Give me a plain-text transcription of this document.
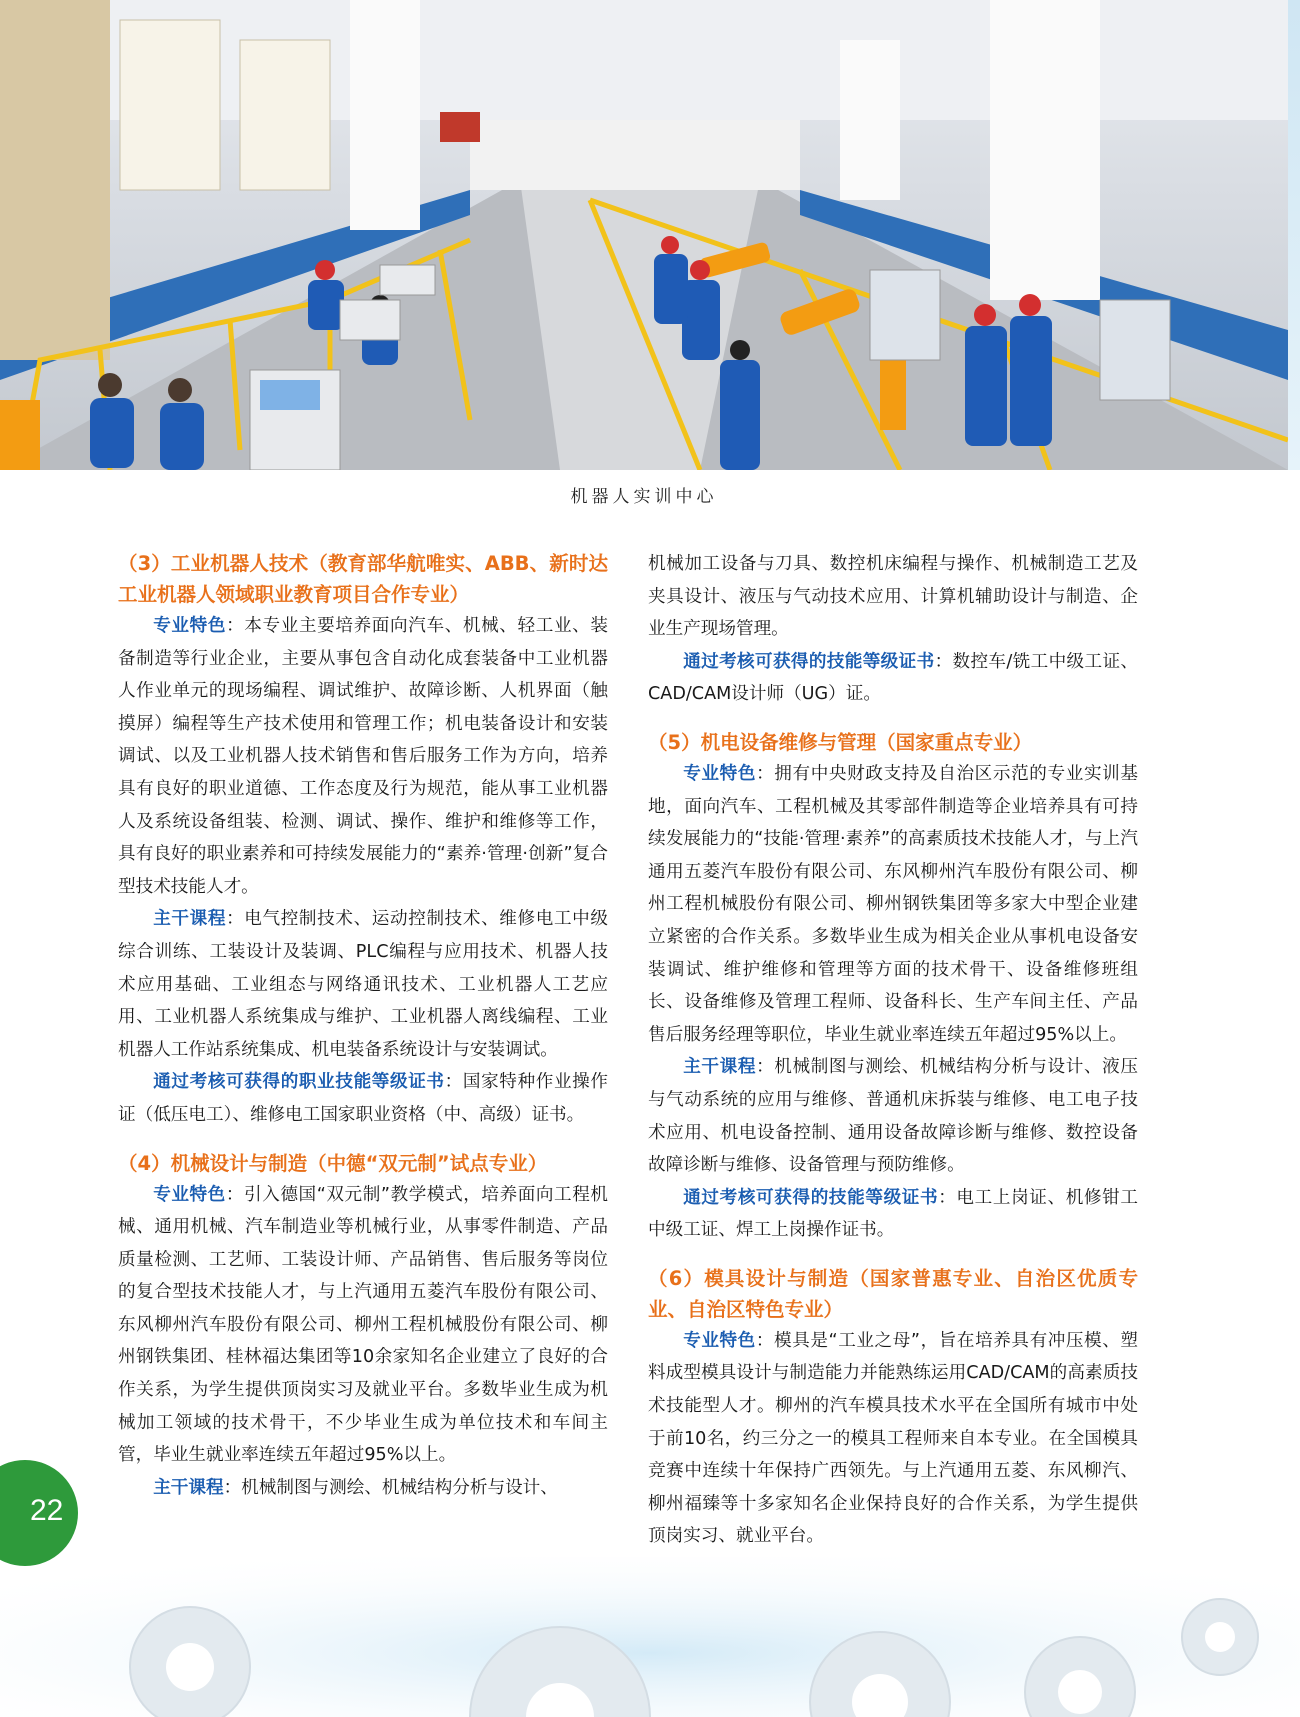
机器人实训中心
（3）工业机器人技术（教育部华航唯实、ABB、新时达工业机器人领域职业教育项目合作专业）

专业特色：本专业主要培养面向汽车、机械、轻工业、装备制造等行业企业，主要从事包含自动化成套装备中工业机器人作业单元的现场编程、调试维护、故障诊断、人机界面（触摸屏）编程等生产技术使用和管理工作；机电装备设计和安装调试、以及工业机器人技术销售和售后服务工作为方向，培养具有良好的职业道德、工作态度及行为规范，能从事工业机器人及系统设备组装、检测、调试、操作、维护和维修等工作，具有良好的职业素养和可持续发展能力的“素养·管理·创新”复合型技术技能人才。

主干课程：电气控制技术、运动控制技术、维修电工中级综合训练、工装设计及装调、PLC编程与应用技术、机器人技术应用基础、工业组态与网络通讯技术、工业机器人工艺应用、工业机器人系统集成与维护、工业机器人离线编程、工业机器人工作站系统集成、机电装备系统设计与安装调试。

通过考核可获得的职业技能等级证书：国家特种作业操作证（低压电工）、维修电工国家职业资格（中、高级）证书。

（4）机械设计与制造（中德“双元制”试点专业）

专业特色：引入德国“双元制”教学模式，培养面向工程机械、通用机械、汽车制造业等机械行业，从事零件制造、产品质量检测、工艺师、工装设计师、产品销售、售后服务等岗位的复合型技术技能人才，与上汽通用五菱汽车股份有限公司、东风柳州汽车股份有限公司、柳州工程机械股份有限公司、柳州钢铁集团、桂林福达集团等10余家知名企业建立了良好的合作关系，为学生提供顶岗实习及就业平台。多数毕业生成为机械加工领域的技术骨干，不少毕业生成为单位技术和车间主管，毕业生就业率连续五年超过95%以上。

主干课程：机械制图与测绘、机械结构分析与设计、

机械加工设备与刀具、数控机床编程与操作、机械制造工艺及夹具设计、液压与气动技术应用、计算机辅助设计与制造、企业生产现场管理。

通过考核可获得的技能等级证书：数控车/铣工中级工证、CAD/CAM设计师（UG）证。

（5）机电设备维修与管理（国家重点专业）

专业特色：拥有中央财政支持及自治区示范的专业实训基地，面向汽车、工程机械及其零部件制造等企业培养具有可持续发展能力的“技能·管理·素养”的高素质技术技能人才，与上汽通用五菱汽车股份有限公司、东风柳州汽车股份有限公司、柳州工程机械股份有限公司、柳州钢铁集团等多家大中型企业建立紧密的合作关系。多数毕业生成为相关企业从事机电设备安装调试、维护维修和管理等方面的技术骨干、设备维修班组长、设备维修及管理工程师、设备科长、生产车间主任、产品售后服务经理等职位，毕业生就业率连续五年超过95%以上。

主干课程：机械制图与测绘、机械结构分析与设计、液压与气动系统的应用与维修、普通机床拆装与维修、电工电子技术应用、机电设备控制、通用设备故障诊断与维修、数控设备故障诊断与维修、设备管理与预防维修。

通过考核可获得的技能等级证书：电工上岗证、机修钳工中级工证、焊工上岗操作证书。

（6）模具设计与制造（国家普惠专业、自治区优质专业、自治区特色专业）

专业特色：模具是“工业之母”，旨在培养具有冲压模、塑料成型模具设计与制造能力并能熟练运用CAD/CAM的高素质技术技能型人才。柳州的汽车模具技术水平在全国所有城市中处于前10名，约三分之一的模具工程师来自本专业。在全国模具竞赛中连续十年保持广西领先。与上汽通用五菱、东风柳汽、柳州福臻等十多家知名企业保持良好的合作关系，为学生提供顶岗实习、就业平台。

22
